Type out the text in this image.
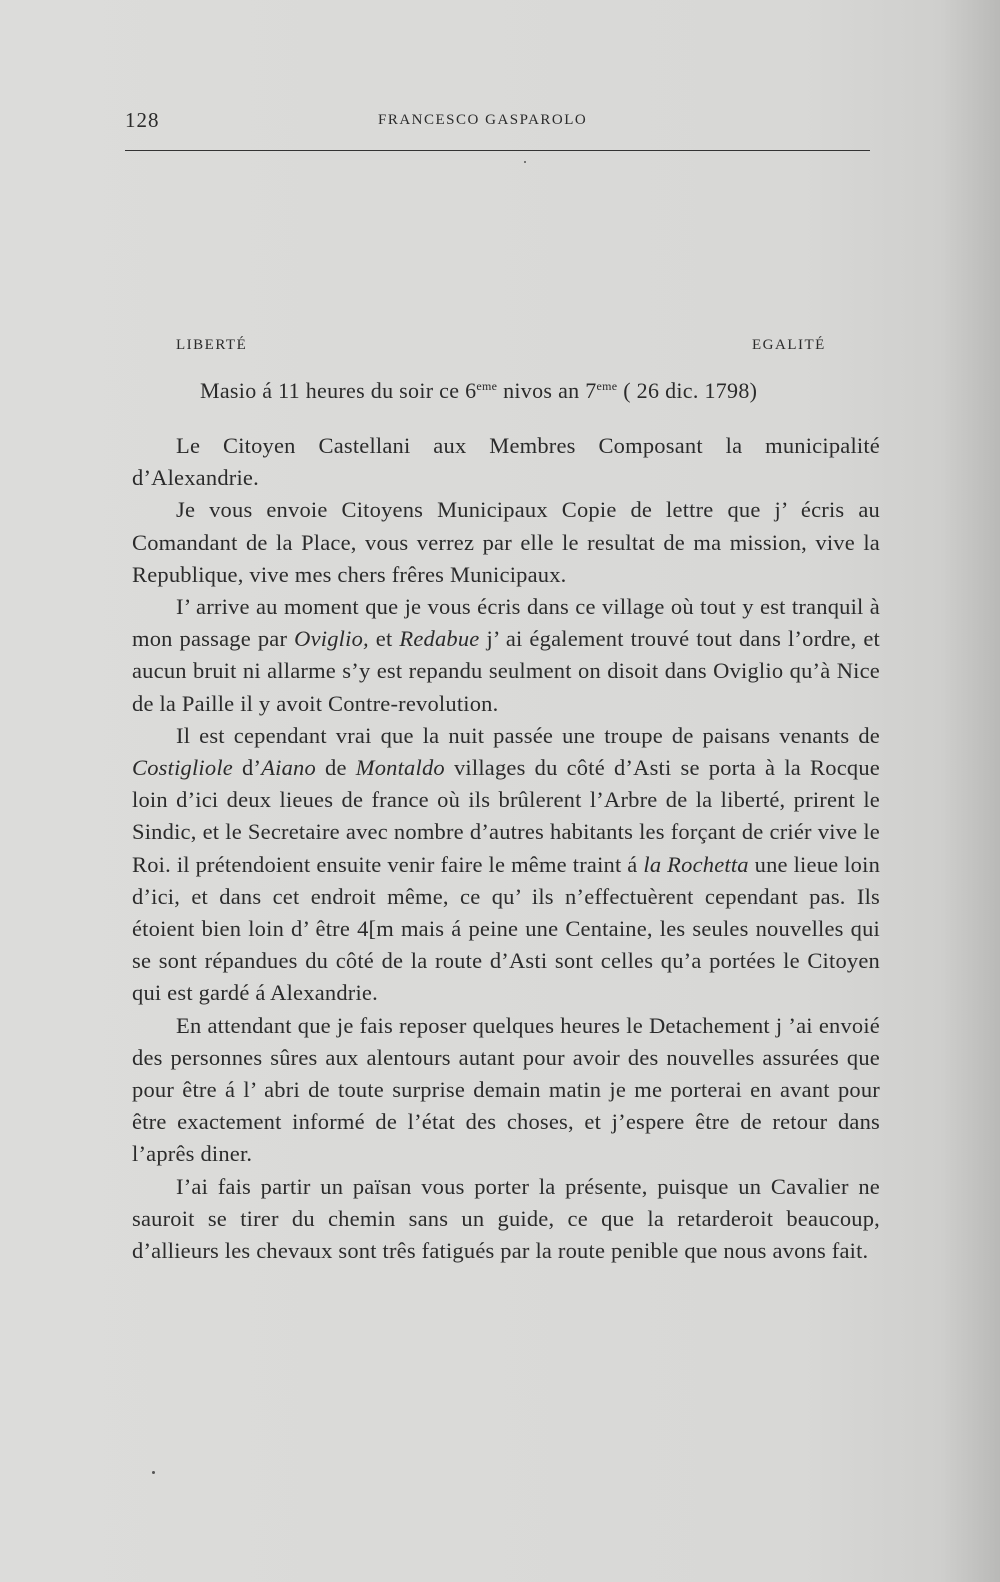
128	FRANCESCO GASPAROLO
LIBERTÉ	EGALITÉ
Masio á 11 heures du soir ce 6eme nivos an 7eme ( 26 dic. 1798)

Le Citoyen Castellani aux Membres Composant la municipalité d’Alexandrie.

Je vous envoie Citoyens Municipaux Copie de lettre que j’ écris au Comandant de la Place, vous verrez par elle le resultat de ma mission, vive la Republique, vive mes chers frêres Municipaux.

I’ arrive au moment que je vous écris dans ce village où tout y est tranquil à mon passage par Oviglio, et Redabue j’ ai également trouvé tout dans l’ordre, et aucun bruit ni allarme s’y est repandu seulment on disoit dans Oviglio qu’à Nice de la Paille il y avoit Contre-revolution.

Il est cependant vrai que la nuit passée une troupe de paisans venants de Costigliole d’Aiano de Montaldo villages du côté d’Asti se porta à la Rocque loin d’ici deux lieues de france où ils brûlerent l’Arbre de la liberté, prirent le Sindic, et le Secretaire avec nombre d’autres habitants les forçant de criér vive le Roi. il prétendoient ensuite venir faire le même traint á la Rochetta une lieue loin d’ici, et dans cet endroit même, ce qu’ ils n’effectuèrent cependant pas. Ils étoient bien loin d’ être 4[m mais á peine une Centaine, les seules nouvelles qui se sont répandues du côté de la route d’Asti sont celles qu’a portées le Citoyen qui est gardé á Alexandrie.

En attendant que je fais reposer quelques heures le Detachement j ’ai envoié des personnes sûres aux alentours autant pour avoir des nouvelles assurées que pour être á l’ abri de toute surprise demain matin je me porterai en avant pour être exactement informé de l’état des choses, et j’espere être de retour dans l’aprês diner.

I’ai fais partir un païsan vous porter la présente, puisque un Cavalier ne sauroit se tirer du chemin sans un guide, ce que la retarderoit beaucoup, d’allieurs les chevaux sont três fatigués par la route penible que nous avons fait.
